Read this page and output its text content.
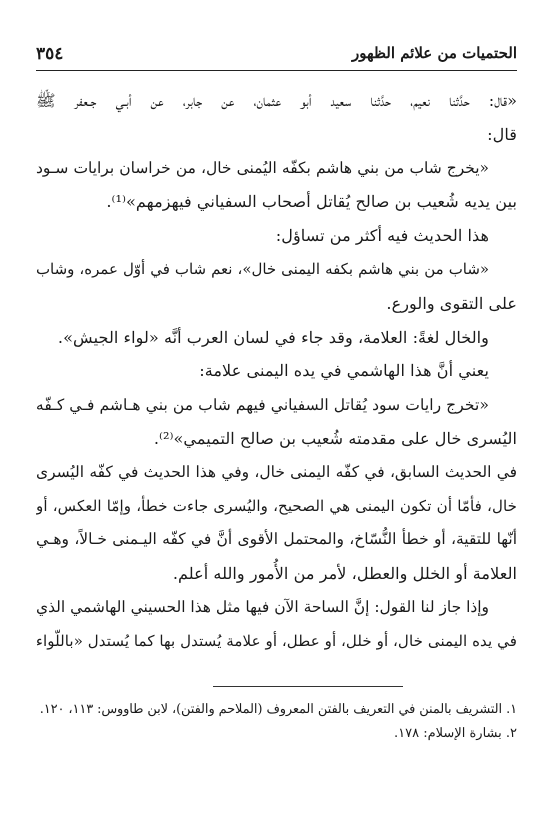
٣٥٤	الحتميات من علائم الظهور
«قال: حدَّثنا نعيم، حدَّثنا سعيد أبو عثمان، عن جابر، عن أبـي جـعفر ﷺ
قال:
«يخرج شاب من بني هاشم بكفّه اليُمنى خال، من خراسان برايات سـود
بين يديه شُعيب بن صالح يُقاتل أصحاب السفياني فيهزمهم»⁽¹⁾.
هذا الحديث فيه أكثر من تساؤل:
«شاب من بني هاشم بكفه اليمنى خال»، نعم شاب في أوّل عمره، وشاب
على التقوى والورع.
والخال لغةً: العلامة، وقد جاء في لسان العرب أنَّه «لواء الجيش».
يعني أنَّ هذا الهاشمي في يده اليمنى علامة:
«تخرج رايات سود يُقاتل السفياني فيهم شاب من بني هـاشم فـي كـفّه
اليُسرى خال على مقدمته شُعيب بن صالح التميمي»⁽²⁾.
في الحديث السابق، في كفّه اليمنى خال، وفي هذا الحديث في كفّه اليُسرى
خال، فأمّا أن تكون اليمنى هي الصحيح، واليُسرى جاءت خطأ، وإمّا العكس، أو
أنّها للتقية، أو خطأ النُّسّاخ، والمحتمل الأقوى أنَّ في كفّه اليـمنى خـالاً، وهـي
العلامة أو الخلل والعطل، لأمر من الأُمور والله أعلم.
وإذا جاز لنا القول: إنَّ الساحة الآن فيها مثل هذا الحسيني الهاشمي الذي
في يده اليمنى خال، أو خلل، أو عطل، أو علامة يُستدل بها كما يُستدل «باللّواء
١. التشريف بالمنن في التعريف بالفتن المعروف (الملاحم والفتن)، لابن طاووس: ١١٣، ١٢٠.
٢. بشارة الإسلام: ١٧٨.
